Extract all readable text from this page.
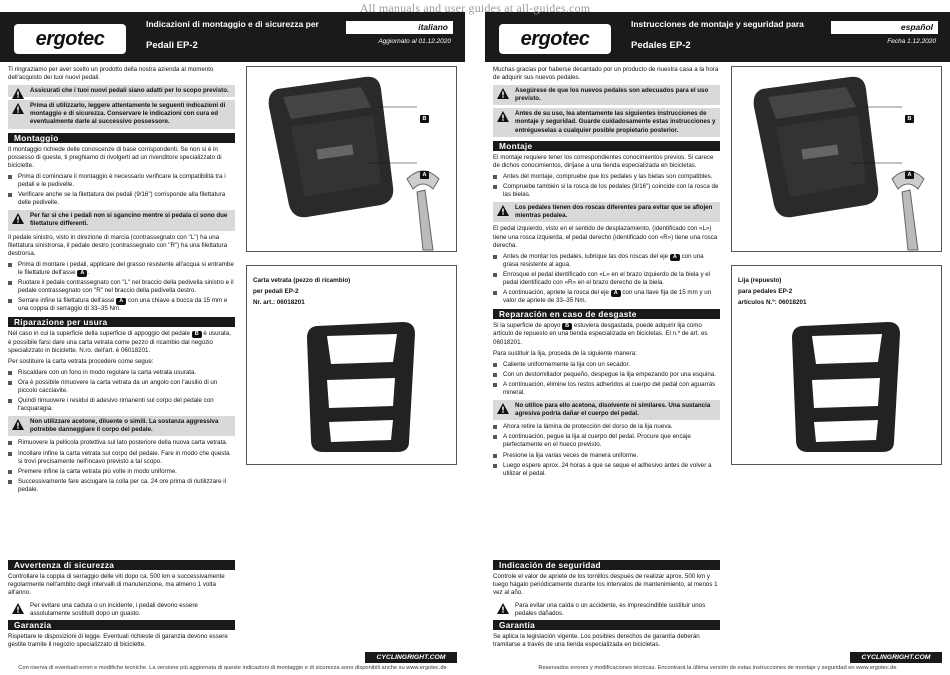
All manuals and user guides at all-guides.com
ergotec
Indicazioni di montaggio e di sicurezza per
Pedali EP-2
italiano
Aggiornato al 01.12.2020
Ti ringraziamo per aver scelto un prodotto della nostra azienda al momento dell'acquisto dei tuoi nuovi pedali.
Assicurati che i tuoi nuovi pedali siano adatti per lo scopo previsto.
Prima di utilizzarlo, leggere attentamente le seguenti indicazioni di montaggio e di sicurezza. Conservare le indicazioni con cura ed eventualmente darle al successivo possessore.
Montaggio
Il montaggio richiede delle conoscenze di base corrispondenti. Se non si è in possesso di queste, ti preghiamo di rivolgerti ad un rivenditore specializzato di biciclette.
Prima di cominciare il montaggio è necessario verificare la compatibilità tra i pedali e le pedivelle.
Verificare anche se la filettatura dei pedali (9/16") corrisponde alla filettatura delle pedivelle.
Per far sì che i pedali non si sgancino mentre si pedala ci sono due filettature differenti.
Il pedale sinistro, visto in direzione di marcia (contrassegnato con "L") ha una filettatura sinistrorsa, il pedale destro (contrassegnato con "R") ha una filettatura destrorsa.
Prima di montare i pedali, applicare del grasso resistente all'acqua si entrambe le filettature dell'asse A .
Ruotare il pedale contrassegnato con "L" nel braccio della pedivella sinistro e il pedale contrassegnato con "R" nel braccio della pedivella destro.
Serrare infine la filettatura dell'asse A con una chiave a bocca da 15 mm e una coppia di serraggio di 33–35 Nm.
Riparazione per usura
Nel caso in cui la superficie della superficie di appoggio del pedale B è usurata, è possibile farsi dare una carta vetrata come pezzo di ricambio dal negozio specializzato in biciclette. N.ro. dell'art. è 06018201.
Per sostituire la carta vetrata procedere come segue:
Riscaldare con un fono in modo regolare la carta vetrata usurata.
Ora è possibile rimuovere la carta vetrata da un angolo con l'ausilio di un piccolo cacciavite.
Quindi rimuovere i residui di adesivo rimanenti sul corpo del pedale con l'acquaragia.
Non utilizzare acetone, diluente o simili. La sostanza aggressiva potrebbe danneggiare il corpo del pedale.
Rimuovere la pellicola protettiva sul lato posteriore della nuova carta vetrata.
Incollare infine la carta vetrata sul corpo del pedale. Fare in modo che questa si trovi precisamente nell'incavo previsto a tal scopo.
Premere infine la carta vetrata più volte in modo uniforme.
Successivamente fare asciugare la colla per ca. 24 ore prima di riutilizzare il pedale.
B
A
Carta vetrata (pezzo di ricambio)
per pedali EP-2
Nr. art.: 06018201
Avvertenza di sicurezza
Controllare la coppia di serraggio delle viti dopo ca. 500 km e successivamente regolarmente nell'ambito degli intervalli di manutenzione, ma almeno 1 volta all'anno.
Per evitare una caduta o un incidente, i pedali devono essere assolutamente sostituiti dopo un guasto.
Garanzia
Rispettare le disposizioni di legge. Eventuali richieste di garanzia devono essere gestite tramite il negozio specializzato di biciclette.
CYCLINGRIGHT.COM
Con riserva di eventuali errori e modifiche tecniche. La versione più aggiornata di queste indicazioni di montaggio e di sicurezza sono disponibili anche su www.ergotec.de
ergotec
Instrucciones de montaje y seguridad para
Pedales EP-2
español
Fecha 1.12.2020
Muchas gracias por haberse decantado por un producto de nuestra casa a la hora de adquirir sus nuevos pedales.
Asegúrese de que los nuevos pedales son adecuados para el uso previsto.
Antes de su uso, lea atentamente las siguientes instrucciones de montaje y seguridad. Guarde cuidadosamente estas instrucciones y entrégueselas a cualquier posible propietario posterior.
Montaje
El montaje requiere tener los correspondientes conocimientos previos. Si carece de dichos conocimientos, diríjase a una tienda especializada en bicicletas.
Antes del montaje, compruebe que los pedales y las bielas son compatibles.
Compruebe también si la rosca de los pedales (9/16") coincide con la rosca de las bielas.
Los pedales tienen dos roscas diferentes para evitar que se aflojen mientras pedalea.
El pedal izquierdo, visto en el sentido de desplazamiento, (identificado con «L») tiene una rosca izquierda, el pedal derecho (identificado con «R») tiene una rosca derecha.
Antes de montar los pedales, lubrique las dos roscas del eje A con una grasa resistente al agua.
Enrosque el pedal identificado con «L» en el brazo izquierdo de la biela y el pedal identificado con «R» en el brazo derecho de la biela.
A continuación, apriete la rosca del eje A con una llave fija de 15 mm y un valor de apriete de 33–35 Nm.
Reparación en caso de desgaste
Si la superficie de apoyo B estuviera desgastada, puede adquirir lija como artículo de repuesto en una tienda especializada en bicicletas. El n.º de art. es 06018201.
Para sustituir la lija, proceda de la siguiente manera:
Caliente uniformemente la lija con un secador.
Con un destornillador pequeño, despegue la lija empezando por una esquina.
A continuación, elimine los restos adheridos al cuerpo del pedal con aguarrás mineral.
No utilice para ello acetona, disolvente ni similares. Una sustancia agresiva podría dañar el cuerpo del pedal.
Ahora retire la lámina de protección del dorso de la lija nueva.
A continuación, pegue la lija al cuerpo del pedal. Procure que encaje perfectamente en el hueco previsto.
Presione la lija varias veces de manera uniforme.
Luego espere aprox. 24 horas a que se seque el adhesivo antes de volver a utilizar el pedal.
B
A
Lija (repuesto)
para pedales EP-2
artículos N.º: 06018201
Indicación de seguridad
Controle el valor de apriete de los tornillos después de realizar aprox. 500 km y luego hágalo periódicamente durante los intervalos de mantenimiento, al menos 1 vez al año.
Para evitar una caída o un accidente, es imprescindible sustituir unos pedales dañados.
Garantía
Se aplica la legislación vigente. Los posibles derechos de garantía deberán tramitarse a través de una tienda especializada en bicicletas.
CYCLINGRIGHT.COM
Reservados errores y modificaciones técnicas. Encontrará la última versión de estas instrucciones de montaje y seguridad en www.ergotec.de
